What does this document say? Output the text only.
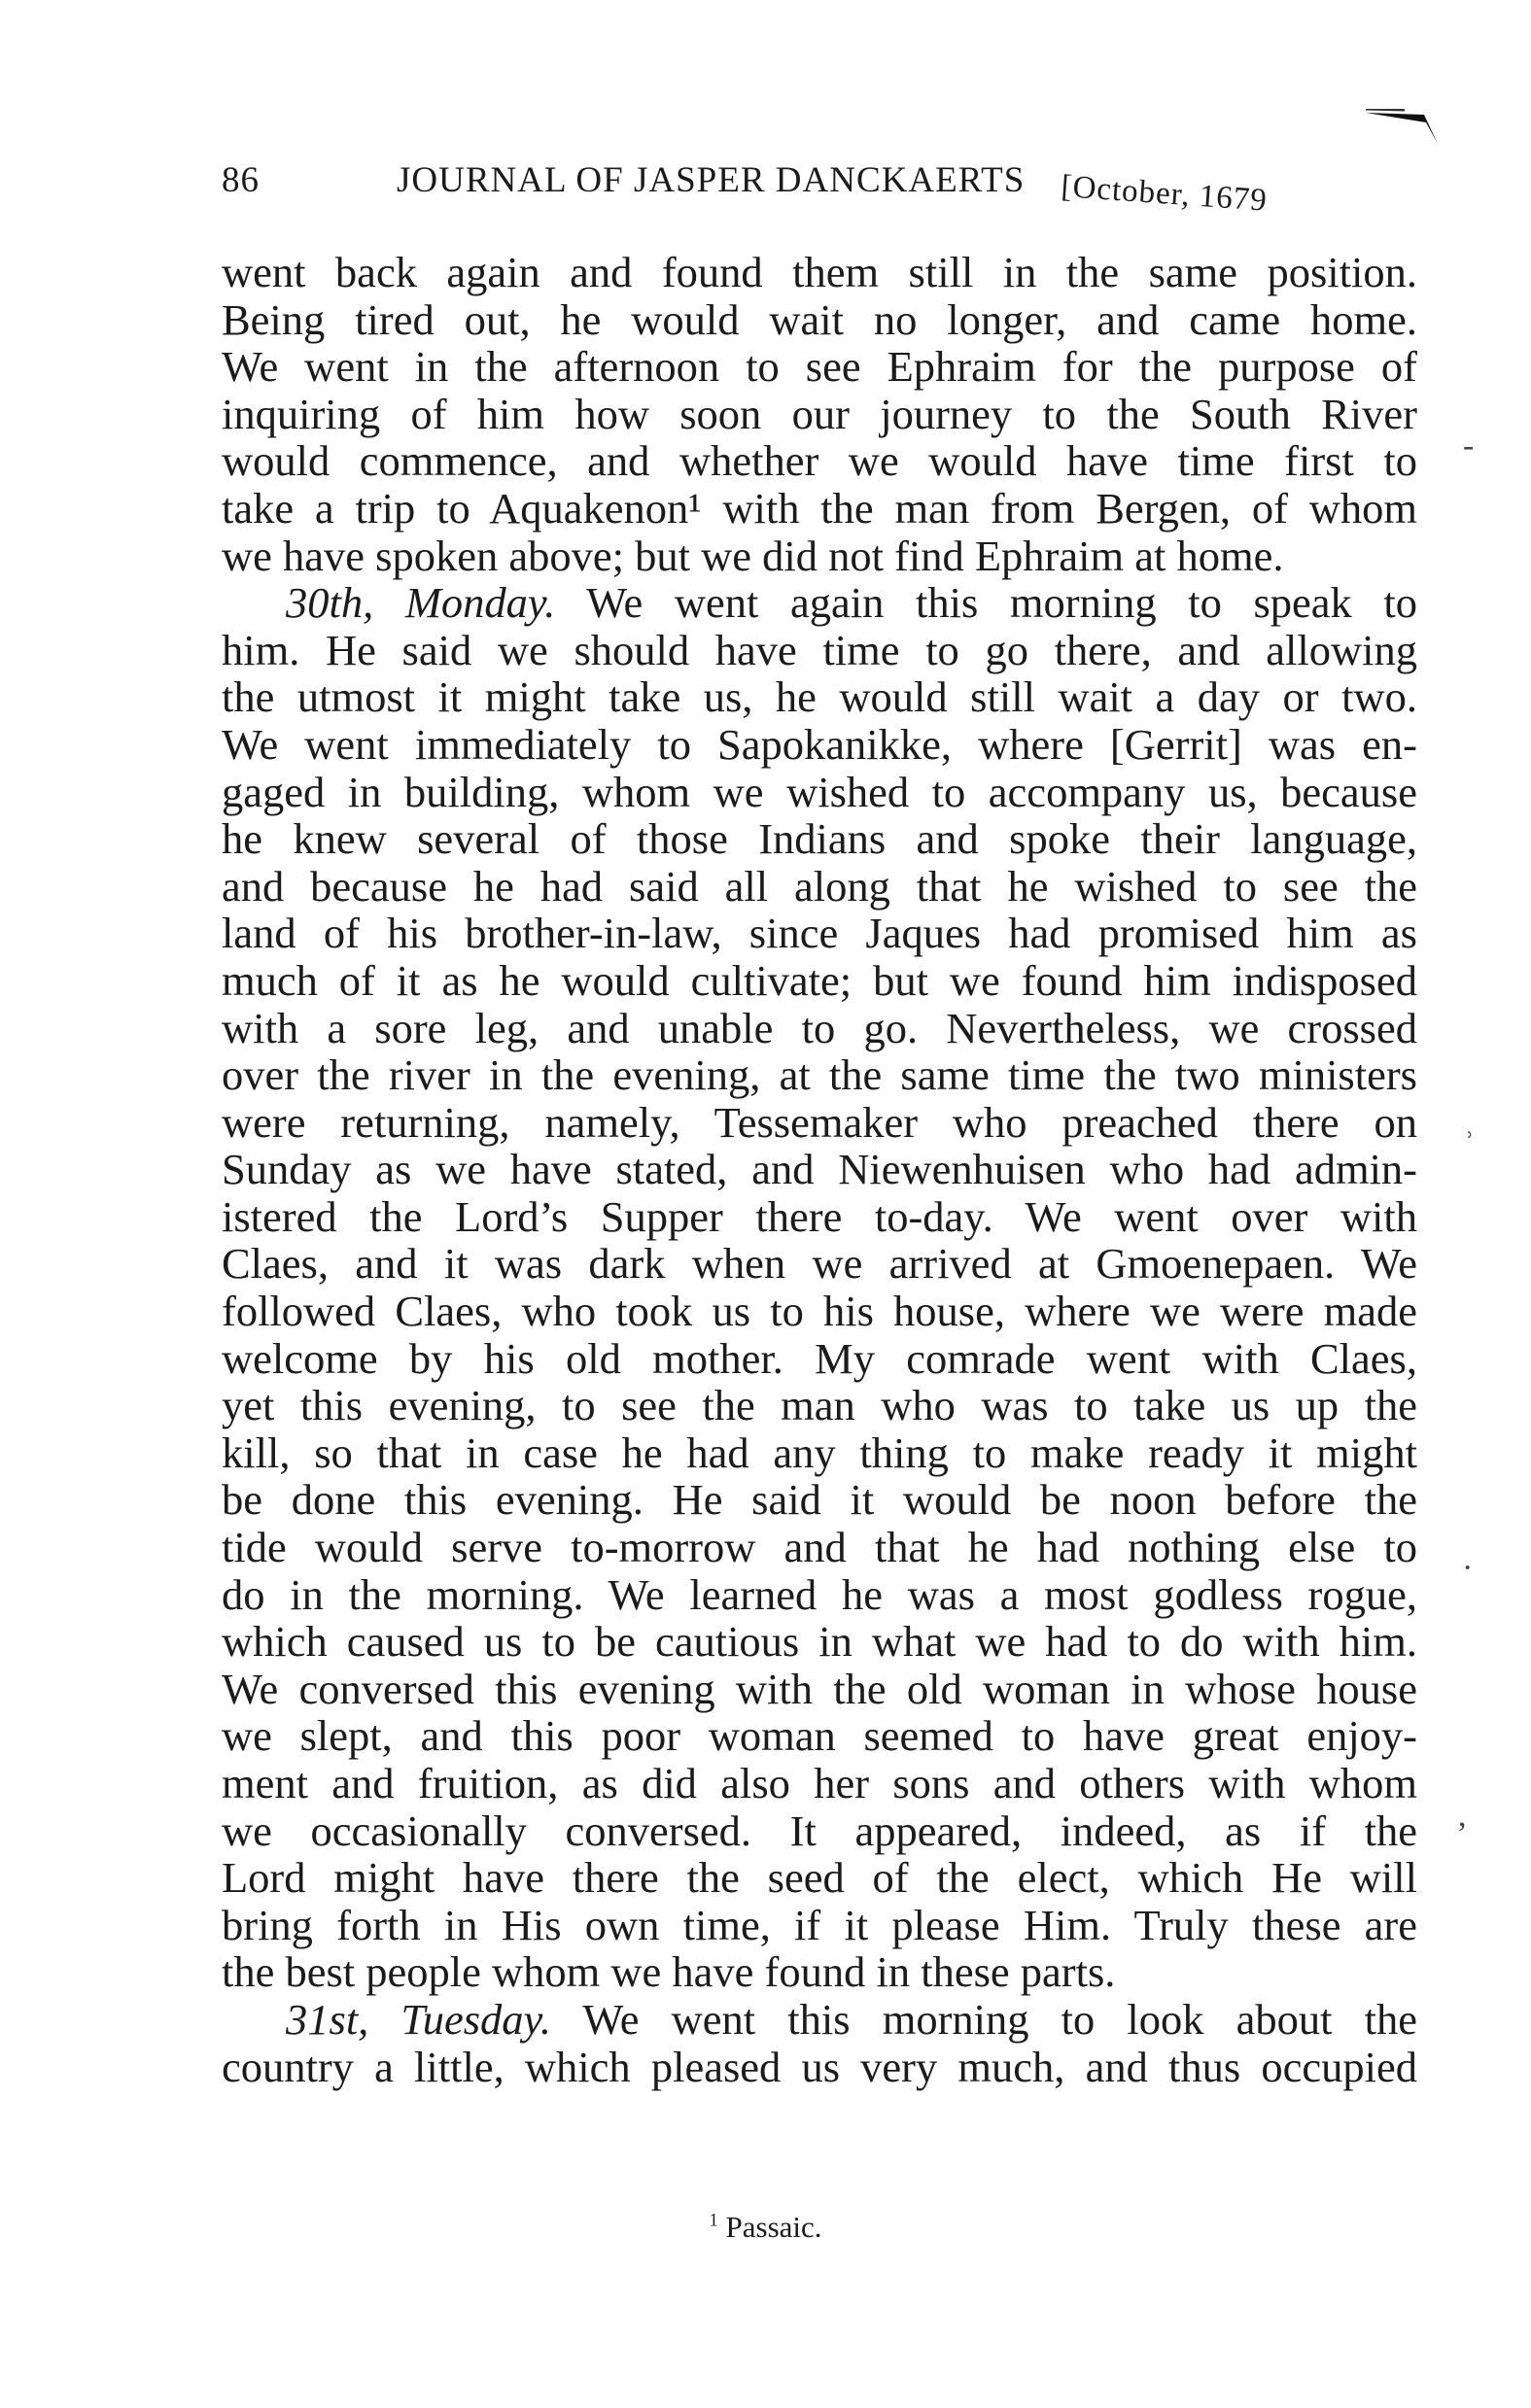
86	JOURNAL OF JASPER DANCKAERTS [October, 1679
went back again and found them still in the same position.
Being tired out, he would wait no longer, and came home.
We went in the afternoon to see Ephraim for the purpose of
inquiring of him how soon our journey to the South River
would commence, and whether we would have time first to
take a trip to Aquakenon¹ with the man from Bergen, of whom
we have spoken above; but we did not find Ephraim at home.
30th, Monday. We went again this morning to speak to
him. He said we should have time to go there, and allowing
the utmost it might take us, he would still wait a day or two.
We went immediately to Sapokanikke, where [Gerrit] was en-
gaged in building, whom we wished to accompany us, because
he knew several of those Indians and spoke their language,
and because he had said all along that he wished to see the
land of his brother-in-law, since Jaques had promised him as
much of it as he would cultivate; but we found him indisposed
with a sore leg, and unable to go. Nevertheless, we crossed
over the river in the evening, at the same time the two ministers
were returning, namely, Tessemaker who preached there on
Sunday as we have stated, and Niewenhuisen who had admin-
istered the Lord’s Supper there to-day. We went over with
Claes, and it was dark when we arrived at Gmoenepaen. We
followed Claes, who took us to his house, where we were made
welcome by his old mother. My comrade went with Claes,
yet this evening, to see the man who was to take us up the
kill, so that in case he had any thing to make ready it might
be done this evening. He said it would be noon before the
tide would serve to-morrow and that he had nothing else to
do in the morning. We learned he was a most godless rogue,
which caused us to be cautious in what we had to do with him.
We conversed this evening with the old woman in whose house
we slept, and this poor woman seemed to have great enjoy-
ment and fruition, as did also her sons and others with whom
we occasionally conversed. It appeared, indeed, as if the
Lord might have there the seed of the elect, which He will
bring forth in His own time, if it please Him. Truly these are
the best people whom we have found in these parts.
31st, Tuesday. We went this morning to look about the
country a little, which pleased us very much, and thus occupied
-
ʾ
·
,
$^1$ Passaic.
